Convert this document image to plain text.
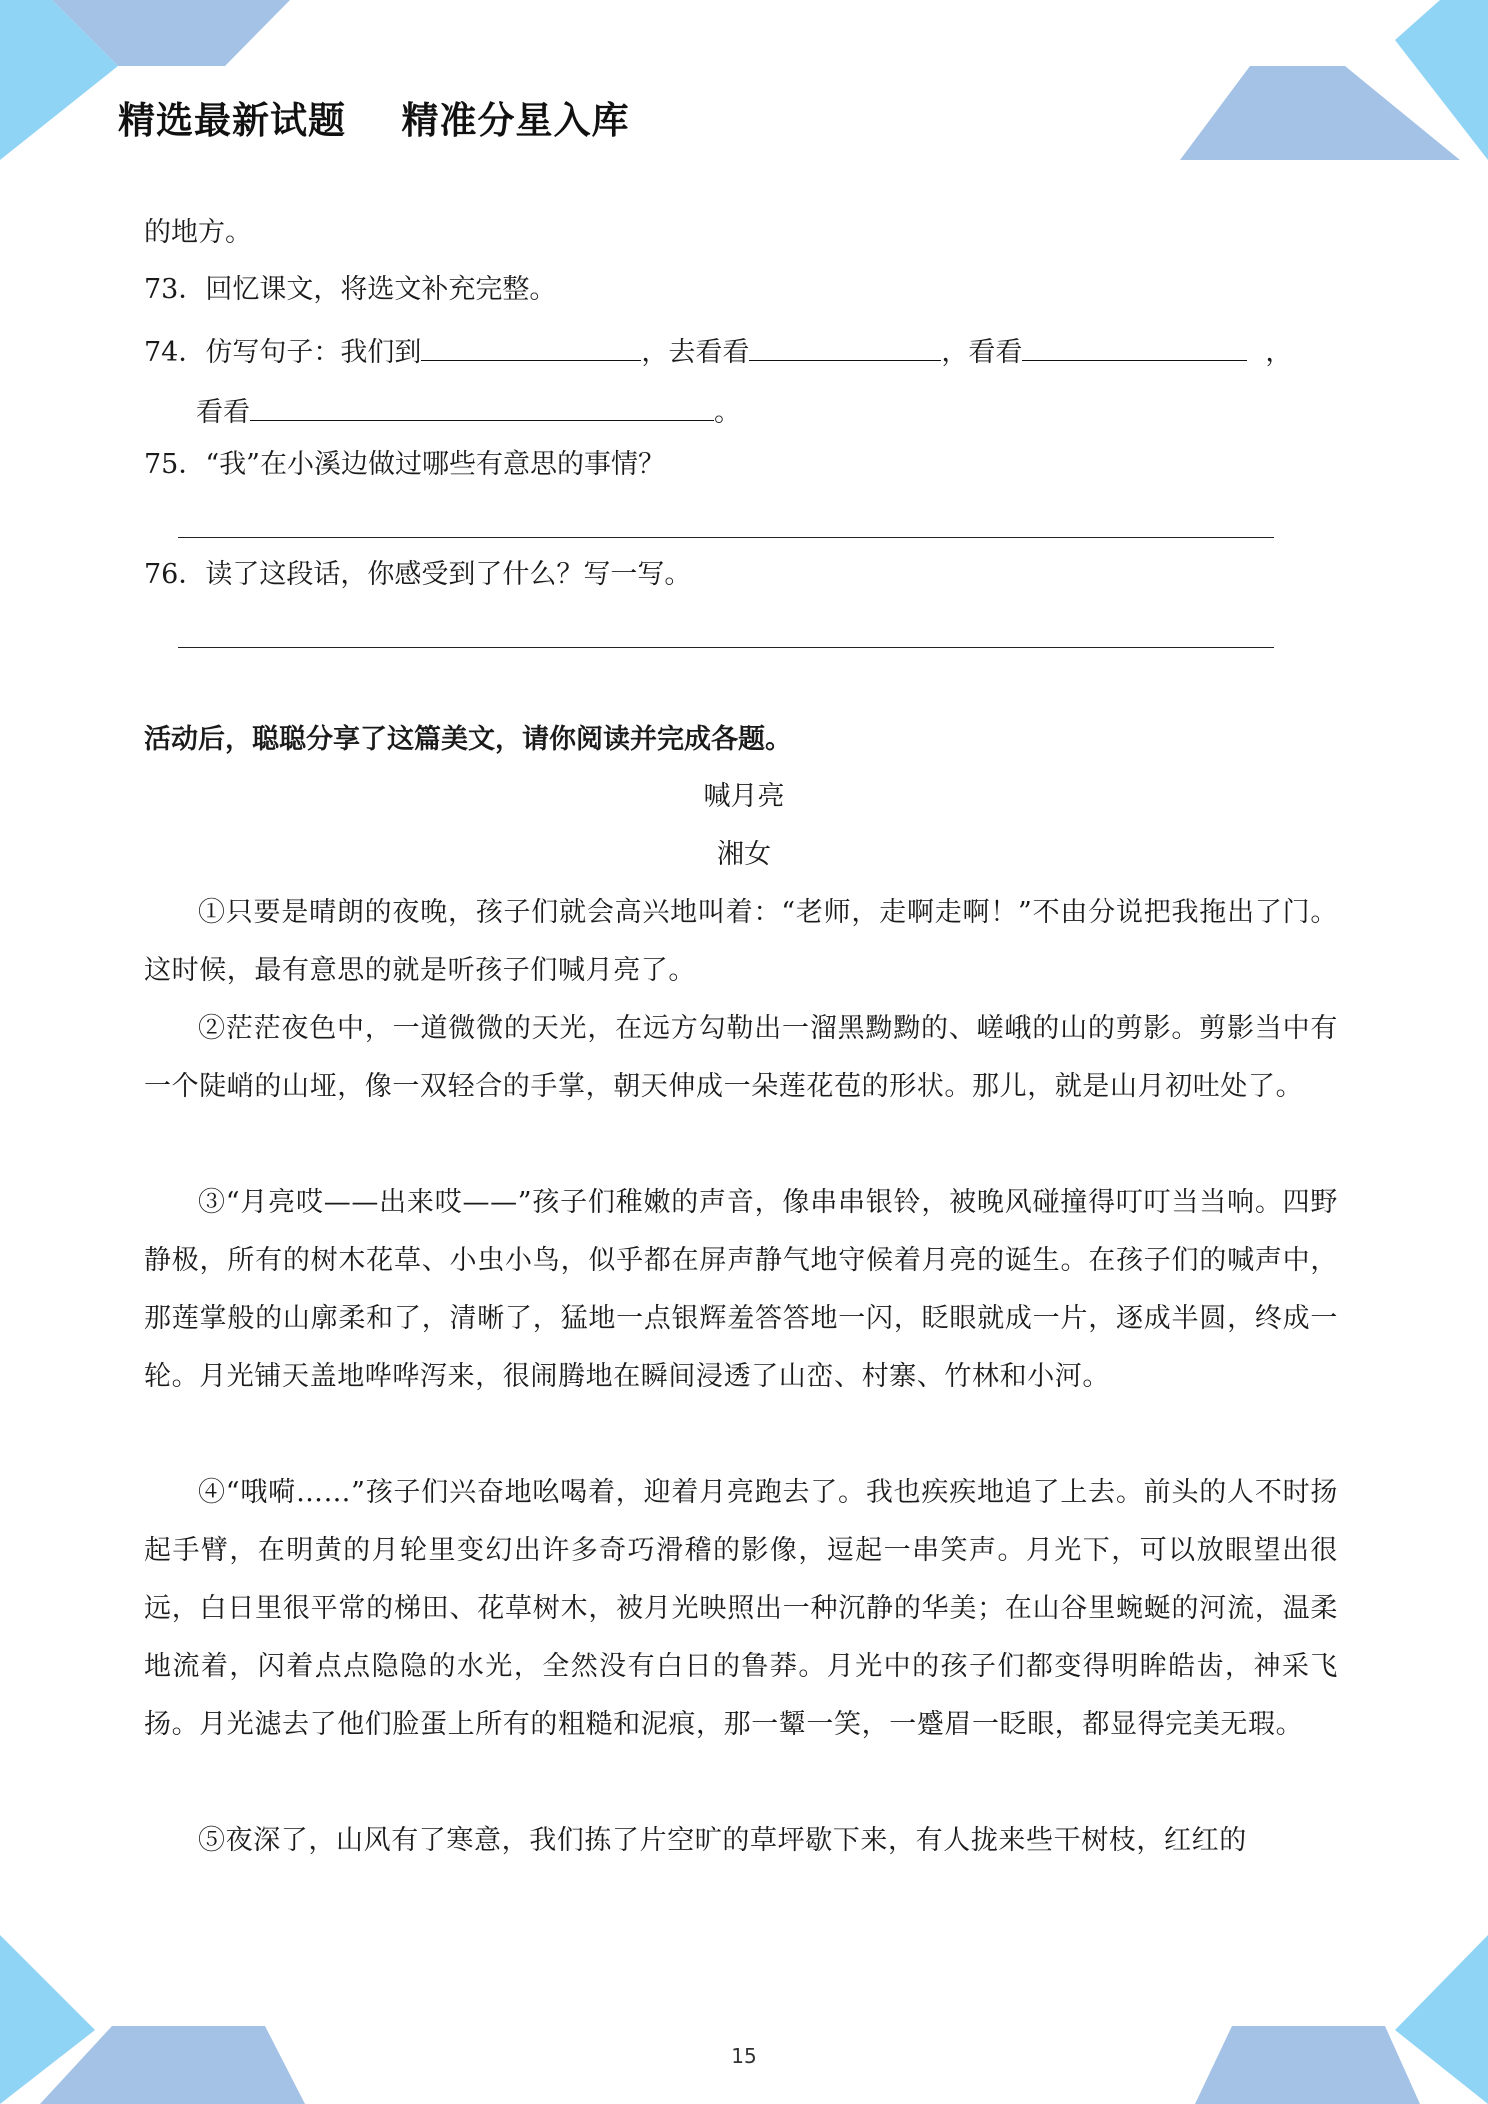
精选最新试题    精准分星入库
的地方。
73．回忆课文，将选文补充完整。
74．仿写句子：我们到	，去看看	，看看	，
看看	。
75．“我”在小溪边做过哪些有意思的事情？
76．读了这段话，你感受到了什么？写一写。
活动后，聪聪分享了这篇美文，请你阅读并完成各题。
喊月亮
湘女
①只要是晴朗的夜晚，孩子们就会高兴地叫着：“老师，走啊走啊！”不由分说把我拖出了门。这时候，最有意思的就是听孩子们喊月亮了。
②茫茫夜色中，一道微微的天光，在远方勾勒出一溜黑黝黝的、嵯峨的山的剪影。剪影当中有一个陡峭的山垭，像一双轻合的手掌，朝天伸成一朵莲花苞的形状。那儿，就是山月初吐处了。
③“月亮哎——出来哎——”孩子们稚嫩的声音，像串串银铃，被晚风碰撞得叮叮当当响。四野静极，所有的树木花草、小虫小鸟，似乎都在屏声静气地守候着月亮的诞生。在孩子们的喊声中，那莲掌般的山廓柔和了，清晰了，猛地一点银辉羞答答地一闪，眨眼就成一片，逐成半圆，终成一轮。月光铺天盖地哗哗泻来，很闹腾地在瞬间浸透了山峦、村寨、竹林和小河。
④“哦嗬……”孩子们兴奋地吆喝着，迎着月亮跑去了。我也疾疾地追了上去。前头的人不时扬起手臂，在明黄的月轮里变幻出许多奇巧滑稽的影像，逗起一串笑声。月光下，可以放眼望出很远，白日里很平常的梯田、花草树木，被月光映照出一种沉静的华美；在山谷里蜿蜒的河流，温柔地流着，闪着点点隐隐的水光，全然没有白日的鲁莽。月光中的孩子们都变得明眸皓齿，神采飞扬。月光滤去了他们脸蛋上所有的粗糙和泥痕，那一颦一笑，一蹙眉一眨眼，都显得完美无瑕。
⑤夜深了，山风有了寒意，我们拣了片空旷的草坪歇下来，有人拢来些干树枝，红红的
15
